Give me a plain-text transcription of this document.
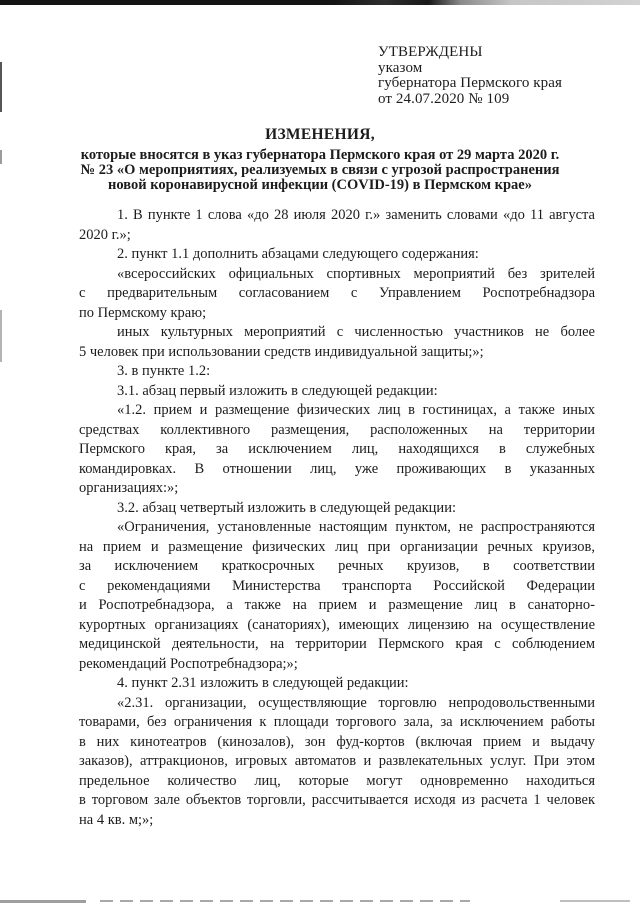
УТВЕРЖДЕНЫ
указом
губернатора Пермского края
от 24.07.2020 № 109
ИЗМЕНЕНИЯ,
которые вносятся в указ губернатора Пермского края от 29 марта 2020 г.
№ 23 «О мероприятиях, реализуемых в связи с угрозой распространения
новой коронавирусной инфекции (COVID-19) в Пермском крае»
1. В пункте 1 слова «до 28 июля 2020 г.» заменить словами «до 11 августа
2020 г.»;
2. пункт 1.1 дополнить абзацами следующего содержания:
«всероссийских официальных спортивных мероприятий без зрителей
с предварительным согласованием с Управлением Роспотребнадзора
по Пермскому краю;
иных культурных мероприятий с численностью участников не более
5 человек при использовании средств индивидуальной защиты;»;
3. в пункте 1.2:
3.1. абзац первый изложить в следующей редакции:
«1.2. прием и размещение физических лиц в гостиницах, а также иных
средствах коллективного размещения, расположенных на территории
Пермского края, за исключением лиц, находящихся в служебных
командировках. В отношении лиц, уже проживающих в указанных
организациях:»;
3.2. абзац четвертый изложить в следующей редакции:
«Ограничения, установленные настоящим пунктом, не распространяются
на прием и размещение физических лиц при организации речных круизов,
за исключением краткосрочных речных круизов, в соответствии
с рекомендациями Министерства транспорта Российской Федерации
и Роспотребнадзора, а также на прием и размещение лиц в санаторно-
курортных организациях (санаториях), имеющих лицензию на осуществление
медицинской деятельности, на территории Пермского края с соблюдением
рекомендаций Роспотребнадзора;»;
4. пункт 2.31 изложить в следующей редакции:
«2.31. организации, осуществляющие торговлю непродовольственными
товарами, без ограничения к площади торгового зала, за исключением работы
в них кинотеатров (кинозалов), зон фуд-кортов (включая прием и выдачу
заказов), аттракционов, игровых автоматов и развлекательных услуг. При этом
предельное количество лиц, которые могут одновременно находиться
в торговом зале объектов торговли, рассчитывается исходя из расчета 1 человек
на 4 кв. м;»;
